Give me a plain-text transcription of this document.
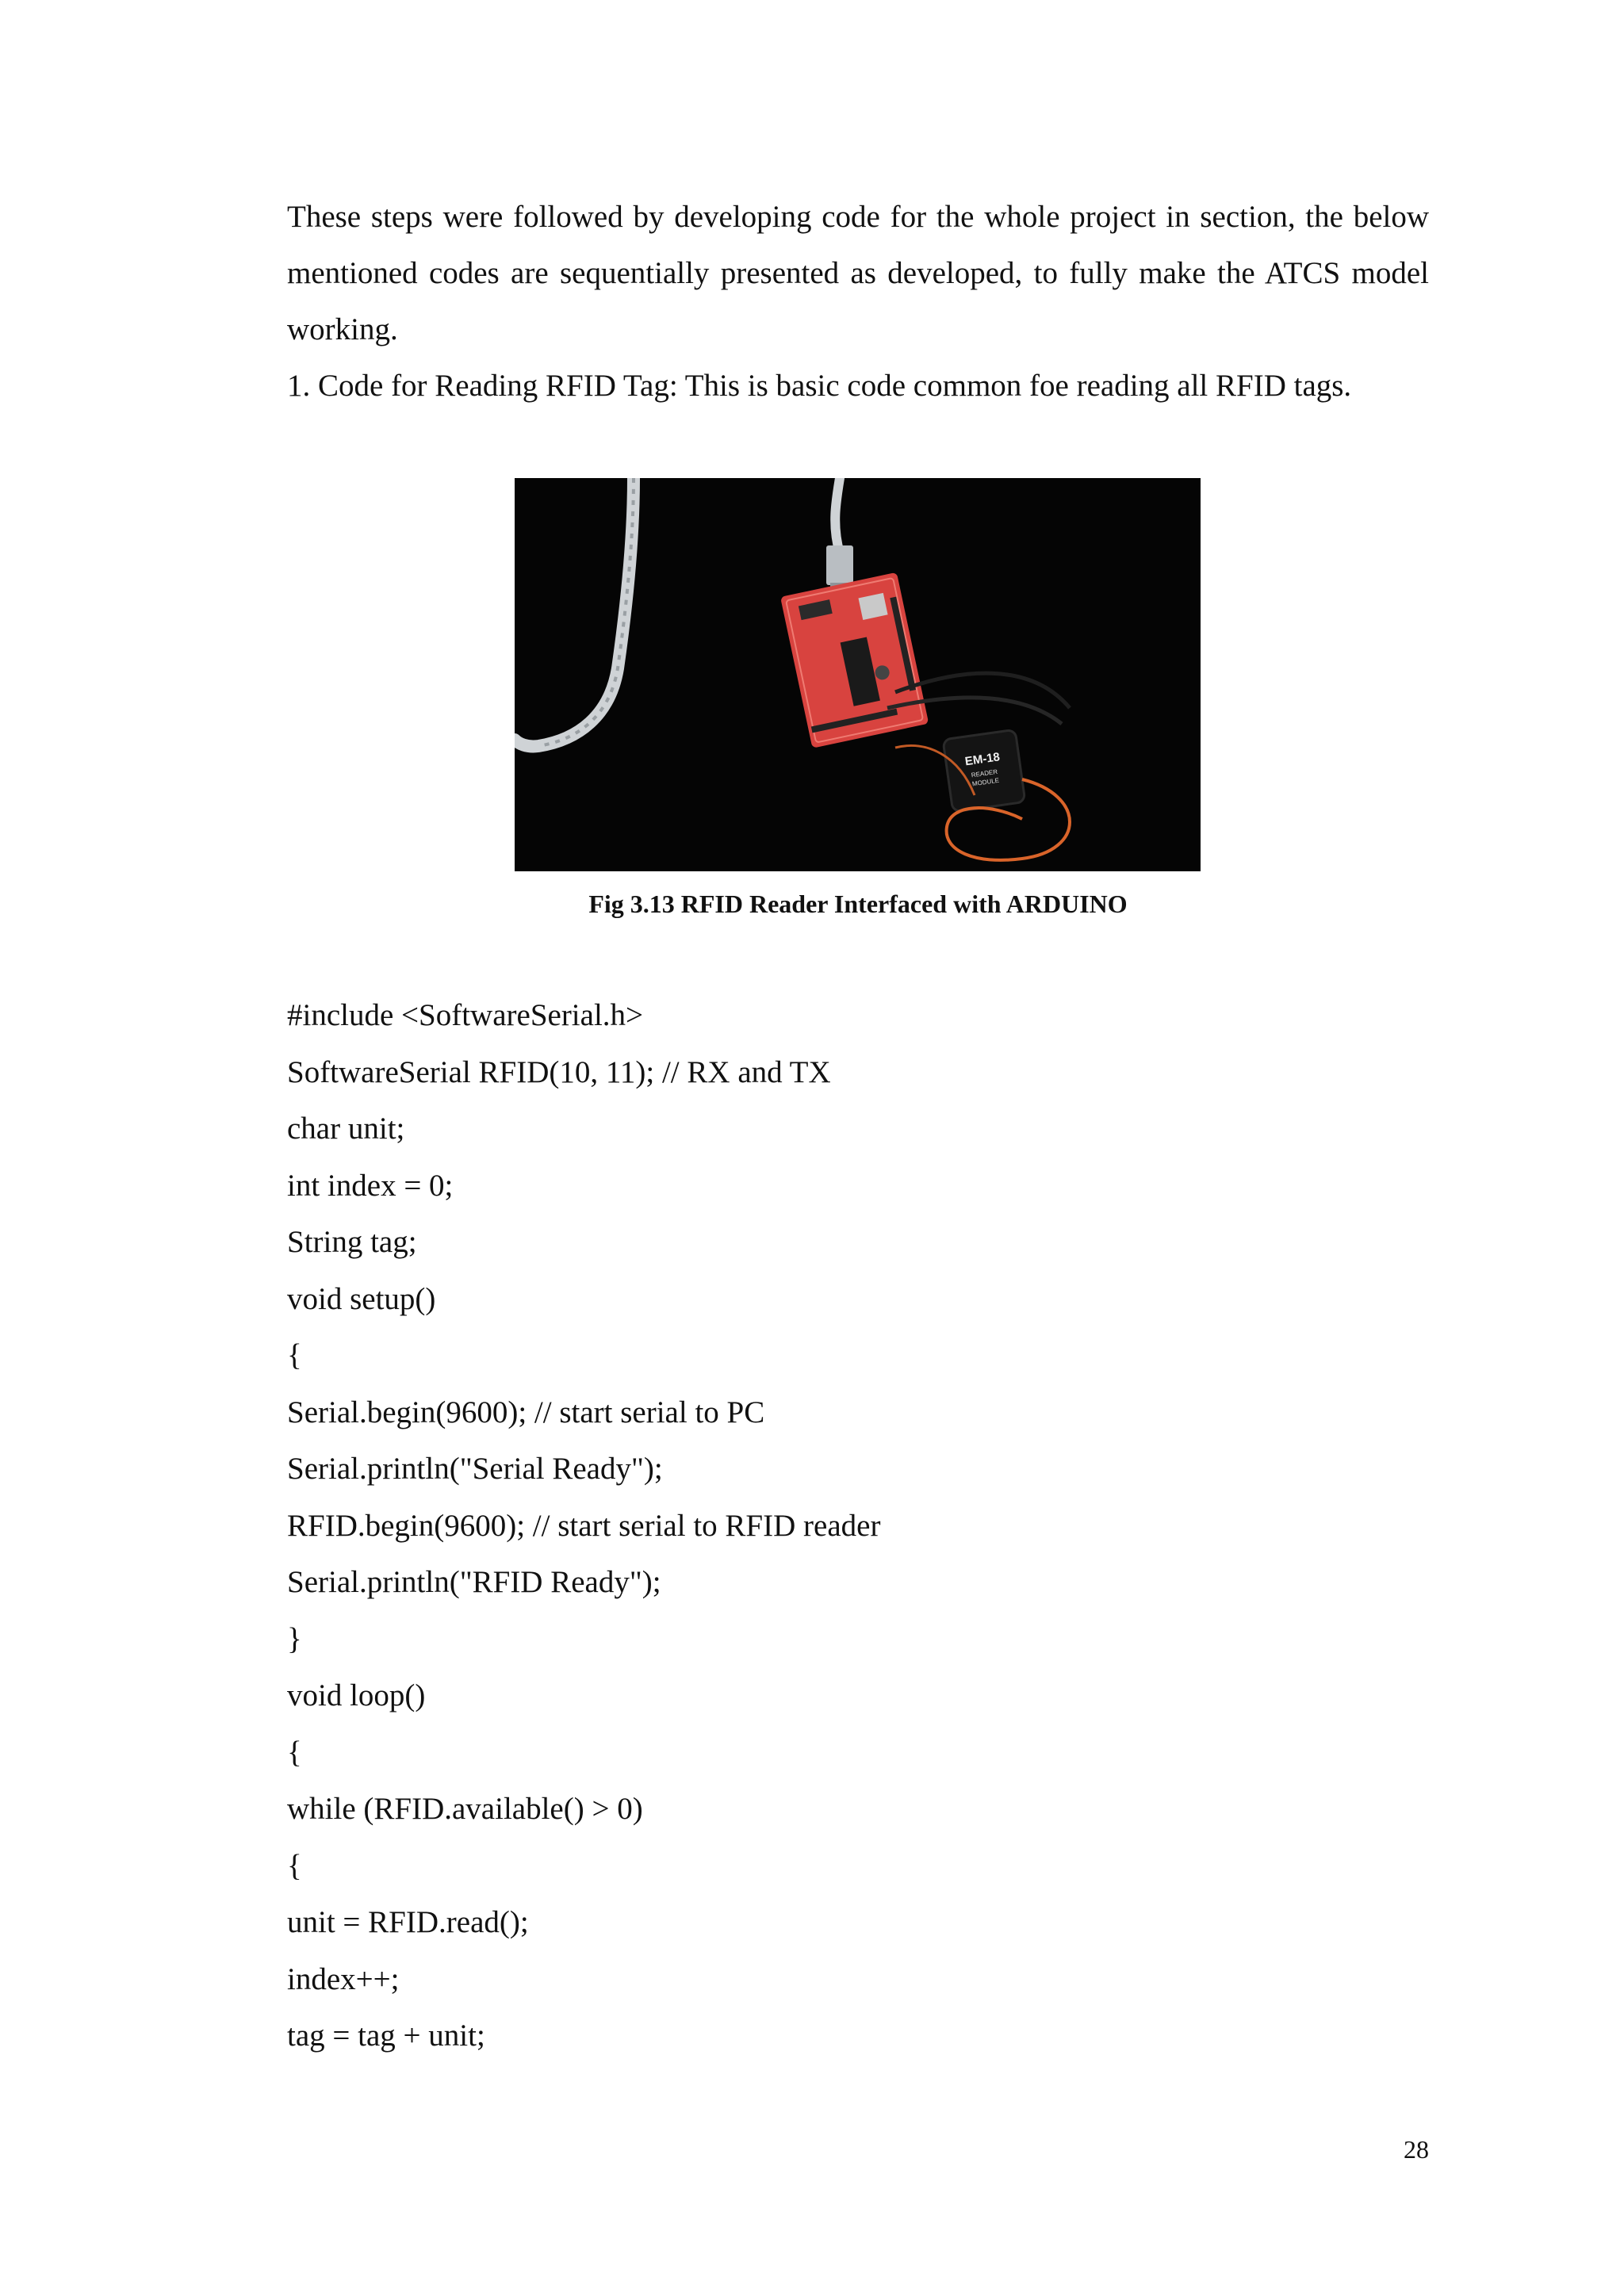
These steps were followed by developing code for the whole project in section, the below mentioned codes are sequentially presented as developed, to fully make the ATCS model working.

1. Code for Reading RFID Tag: This is basic code common foe reading all RFID tags.

EM-18
READER
MODULE
Fig 3.13 RFID Reader Interfaced with ARDUINO
#include <SoftwareSerial.h>
SoftwareSerial RFID(10, 11); // RX and TX
char unit;
int index = 0;
String tag;
void setup()
{
Serial.begin(9600); // start serial to PC
Serial.println("Serial Ready");
RFID.begin(9600); // start serial to RFID reader
Serial.println("RFID Ready");
}
void loop()
{
while (RFID.available() > 0)
{
unit = RFID.read();
index++;
tag = tag + unit;
28
